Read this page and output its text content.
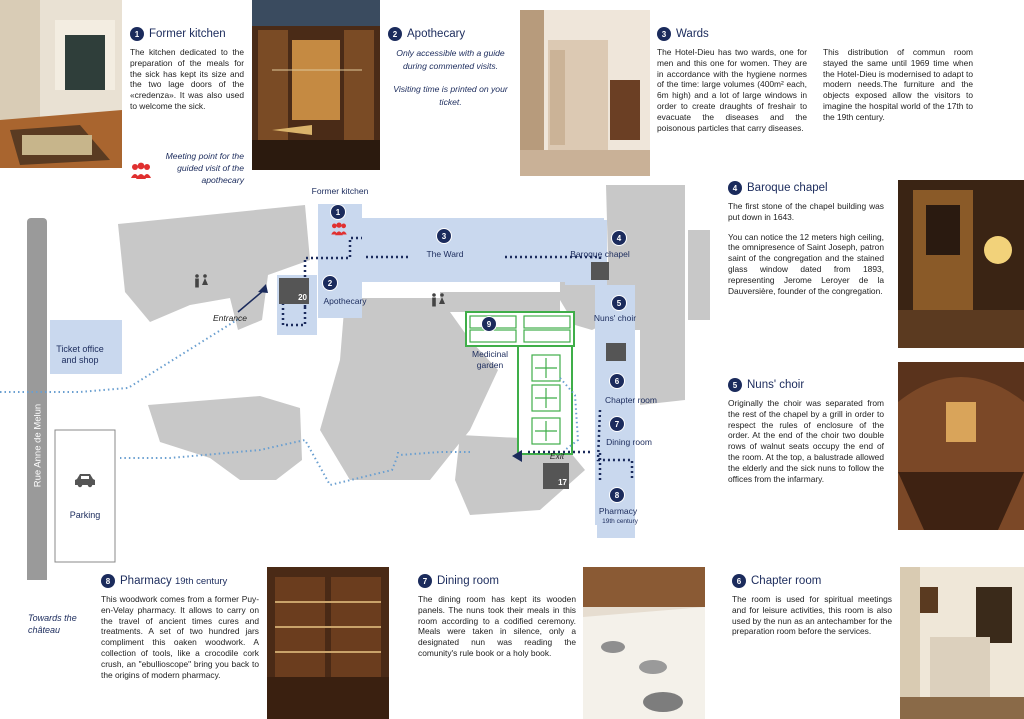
1 Former kitchen

The kitchen dedicated to the preparation of the meals for the sick has kept its size and the two lage doors of the «credenza». It was also used to welcome the sick.

Meeting point for the guided visit of the apothecary

2 Apothecary

Only accessible with a guide during commented visits.

Visiting time is printed on your ticket.

3 Wards

The Hotel-Dieu has two wards, one for men and this one for women. They are in accordance with the hygiene normes of the time: large volumes (400m² each, 6m high) and a lot of large windows in order to create draughts of freshair to evacuate the diseases and the poisonous particles that carry diseases.

This distribution of commun room stayed the same until 1969 time when the Hotel-Dieu is modernised to adapt to modern needs.The furniture and the objects exposed allow the visitors to imagine the hospital world of the 17th to the 19th century.

4 Baroque chapel

The first stone of the chapel building was put down in 1643.

You can notice the 12 meters high ceiling, the omnipresence of Saint Joseph, patron saint of the congregation and the stained glass window dated from 1893, representing Jerome Leroyer de la Dauversière, founder of the congregation.

5 Nuns' choir

Originally the choir was separated from the rest of the chapel by a grill in order to respect the rules of enclosure of the order. At the end of the choir two double rows of walnut seats occupy the end of the room. At the top, a balustrade allowed the elderly and the sick nuns to follow the offices from the infarmary.

6 Chapter room

The room is used for spiritual meetings and for leisure activities, this room is also used by the nun as an antechamber for the preparation room before the services.

7 Dining room

The dining room has kept its wooden panels. The nuns took their meals in this room according to a codified ceremony. Meals were taken in silence, only a designated nun was reading the comunity's rule book or a holy book.

8 Pharmacy 19th century

This woodwork comes from a former Puy-en-Velay pharmacy. It allows to carry on the travel of ancient times cures and treatments. A set of two hundred jars compliment this oaken woodwork. A collection of tools, like a crocodile cork crush, an "ebullioscope" bring you back to the origins of modern pharmacy.

Rue Anne de Melun
Parking
Ticket office and shop
Entrance
Former kitchen
1
2
Apothecary
20
3
The Ward
4
Baroque chapel
5
Nuns' choir
6
Chapter room
7
Dining room
8
Pharmacy
19th century
9
Medicinal garden
Exit
17
Towards the château
